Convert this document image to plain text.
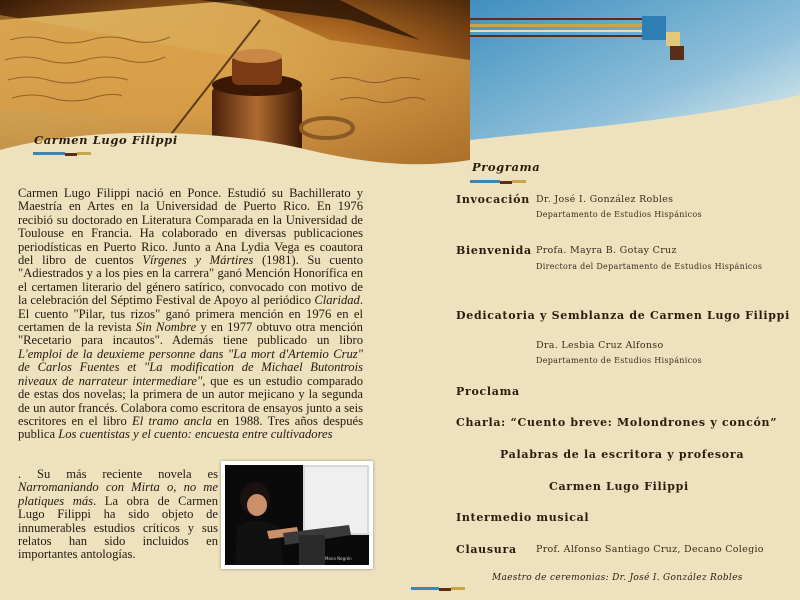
Carmen Lugo Filippi

Carmen Lugo Filippi nació en Ponce. Estudió su Bachillerato y Maestría en Artes en la Universidad de Puerto Rico. En 1976 recibió su doctorado en Literatura Comparada en la Universidad de Toulouse en Francia. Ha colaborado en diversas publicaciones periodísticas en Puerto Rico. Junto a Ana Lydia Vega es coautora del libro de cuentos Vírgenes y Mártires (1981). Su cuento "Adiestrados y a los pies en la carrera" ganó Mención Honorífica en el certamen literario del género satírico, convocado con motivo de la celebración del Séptimo Festival de Apoyo al periódico Claridad. El cuento "Pilar, tus rizos" ganó primera mención en 1976 en el certamen de la revista Sin Nombre y en 1977 obtuvo otra mención "Recetario para incautos". Además tiene publicado un libro L'emploi de la deuxieme personne dans "La mort d'Artemio Cruz" de Carlos Fuentes et "La modification de Michael Butontrois niveaux de narrateur intermediare", que es un estudio comparado de estas dos novelas; la primera de un autor mejicano y la segunda de un autor francés. Colabora como escritora de ensayos junto a seis escritores en el libro El tramo ancla en 1988. Tres años después publica Los cuentistas y el cuento: encuesta entre cultivadores

. Su más reciente novela es Narromaniando con Mirta o, no me platiques más. La obra de Carmen Lugo Filippi ha sido objeto de innumerables estudios críticos y sus relatos han sido incluidos en importantes antologías.	Mona Negrón
Programa
Invocación Dr. José I. González Robles
Departamento de Estudios Hispánicos
Bienvenida Profa. Mayra B. Gotay Cruz
Directora del Departamento de Estudios Hispánicos
Dedicatoria y Semblanza de Carmen Lugo Filippi
Dra. Lesbia Cruz Alfonso
Departamento de Estudios Hispánicos
Proclama
Charla: “Cuento breve: Molondrones y concón”
Palabras de la escritora y profesora
Carmen Lugo Filippi
Intermedio musical
Clausura Prof. Alfonso Santiago Cruz, Decano Colegio
Maestro de ceremonias: Dr. José I. González Robles
